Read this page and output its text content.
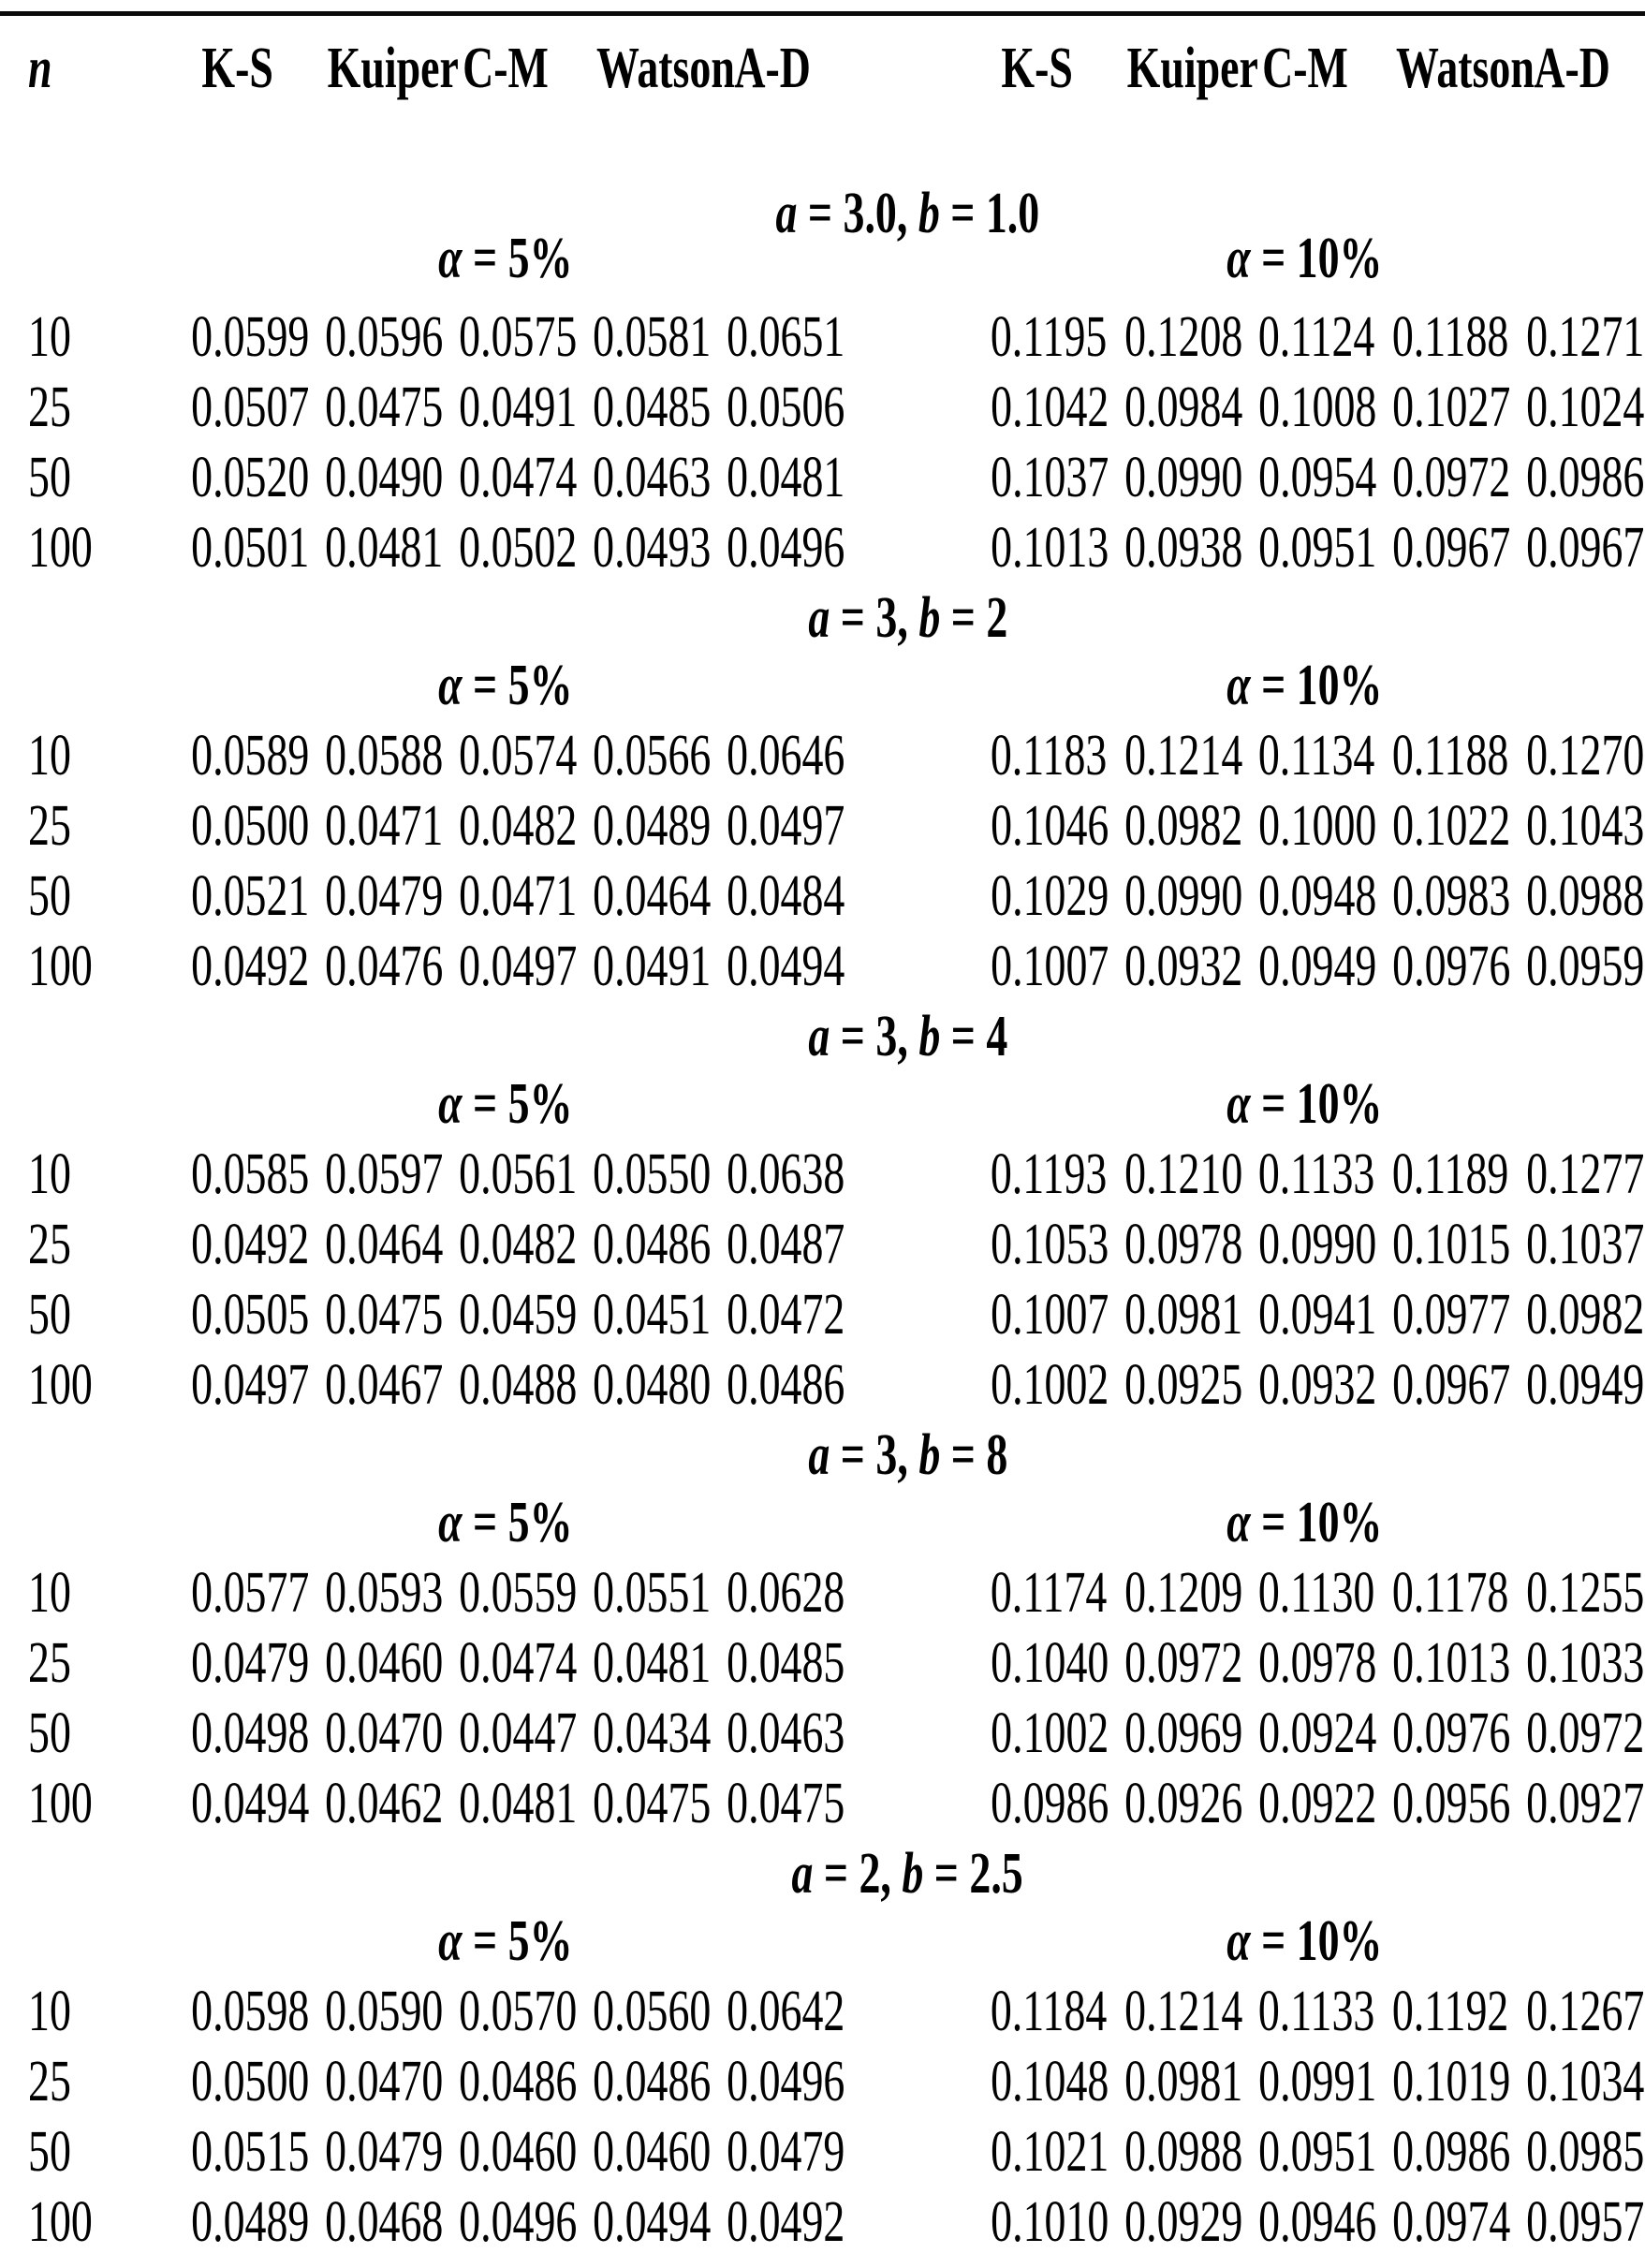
n	K-S Kuiper C-M Watson A-D	K-S Kuiper C-M Watson A-D
a = 3.0, b = 1.0
α = 5%	α = 10%
10	0.0599 0.0596 0.0575 0.0581 0.0651	0.1195 0.1208 0.1124 0.1188 0.1271
25	0.0507 0.0475 0.0491 0.0485 0.0506	0.1042 0.0984 0.1008 0.1027 0.1024
50	0.0520 0.0490 0.0474 0.0463 0.0481	0.1037 0.0990 0.0954 0.0972 0.0986
100	0.0501 0.0481 0.0502 0.0493 0.0496	0.1013 0.0938 0.0951 0.0967 0.0967
a = 3, b = 2
α = 5%	α = 10%
10	0.0589 0.0588 0.0574 0.0566 0.0646	0.1183 0.1214 0.1134 0.1188 0.1270
25	0.0500 0.0471 0.0482 0.0489 0.0497	0.1046 0.0982 0.1000 0.1022 0.1043
50	0.0521 0.0479 0.0471 0.0464 0.0484	0.1029 0.0990 0.0948 0.0983 0.0988
100	0.0492 0.0476 0.0497 0.0491 0.0494	0.1007 0.0932 0.0949 0.0976 0.0959
a = 3, b = 4
α = 5%	α = 10%
10	0.0585 0.0597 0.0561 0.0550 0.0638	0.1193 0.1210 0.1133 0.1189 0.1277
25	0.0492 0.0464 0.0482 0.0486 0.0487	0.1053 0.0978 0.0990 0.1015 0.1037
50	0.0505 0.0475 0.0459 0.0451 0.0472	0.1007 0.0981 0.0941 0.0977 0.0982
100	0.0497 0.0467 0.0488 0.0480 0.0486	0.1002 0.0925 0.0932 0.0967 0.0949
a = 3, b = 8
α = 5%	α = 10%
10	0.0577 0.0593 0.0559 0.0551 0.0628	0.1174 0.1209 0.1130 0.1178 0.1255
25	0.0479 0.0460 0.0474 0.0481 0.0485	0.1040 0.0972 0.0978 0.1013 0.1033
50	0.0498 0.0470 0.0447 0.0434 0.0463	0.1002 0.0969 0.0924 0.0976 0.0972
100	0.0494 0.0462 0.0481 0.0475 0.0475	0.0986 0.0926 0.0922 0.0956 0.0927
a = 2, b = 2.5
α = 5%	α = 10%
10	0.0598 0.0590 0.0570 0.0560 0.0642	0.1184 0.1214 0.1133 0.1192 0.1267
25	0.0500 0.0470 0.0486 0.0486 0.0496	0.1048 0.0981 0.0991 0.1019 0.1034
50	0.0515 0.0479 0.0460 0.0460 0.0479	0.1021 0.0988 0.0951 0.0986 0.0985
100	0.0489 0.0468 0.0496 0.0494 0.0492	0.1010 0.0929 0.0946 0.0974 0.0957
